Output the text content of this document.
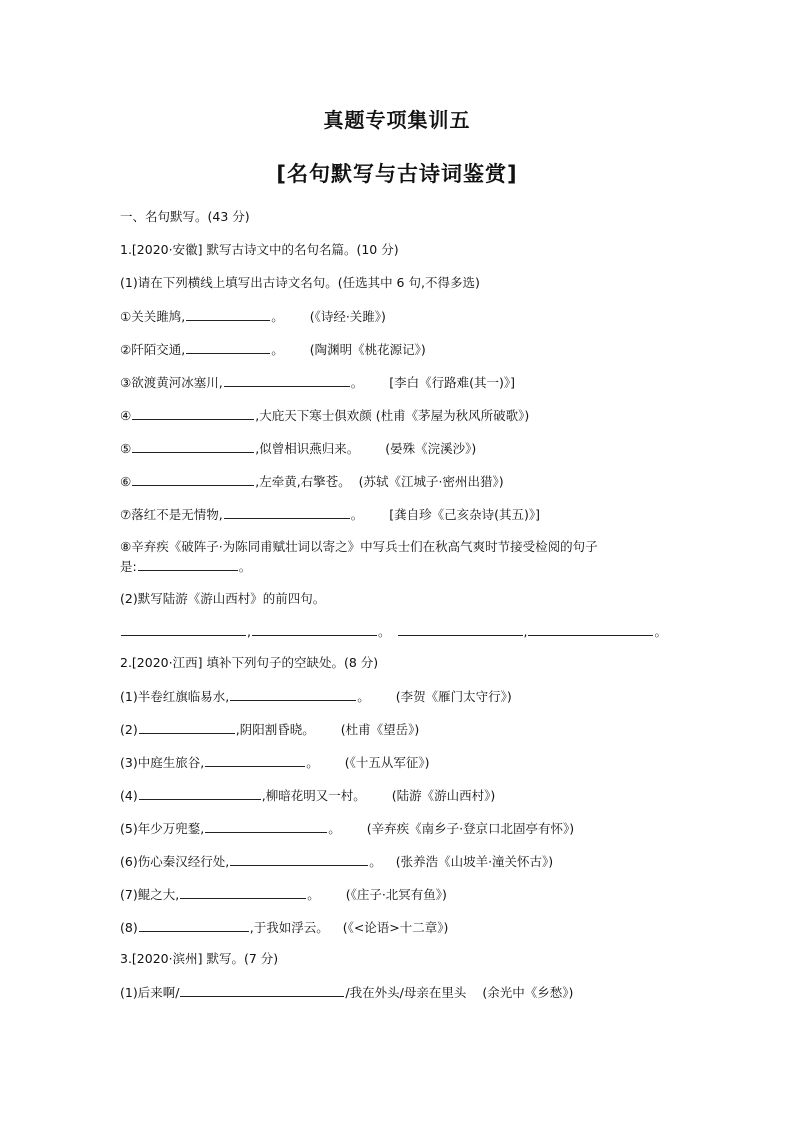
真题专项集训五
[名句默写与古诗词鉴赏]
一、名句默写。(43 分)
1.[2020·安徽] 默写古诗文中的名句名篇。(10 分)
(1)请在下列横线上填写出古诗文名句。(任选其中 6 句,不得多选)
①关关雎鸠,	。 (《诗经·关雎》)
②阡陌交通,	。 (陶渊明《桃花源记》)
③欲渡黄河冰塞川,	。 [李白《行路难(其一)》]
④	,大庇天下寒士俱欢颜 (杜甫《茅屋为秋风所破歌》)
⑤	,似曾相识燕归来。 (晏殊《浣溪沙》)
⑥	,左牵黄,右擎苍。 (苏轼《江城子·密州出猎》)
⑦落红不是无情物,	。 [龚自珍《己亥杂诗(其五)》]
⑧辛弃疾《破阵子·为陈同甫赋壮词以寄之》中写兵士们在秋高气爽时节接受检阅的句子
是:	。
(2)默写陆游《游山西村》的前四句。
,	。	,	。
2.[2020·江西] 填补下列句子的空缺处。(8 分)
(1)半卷红旗临易水,	。 (李贺《雁门太守行》)
(2)	,阴阳割昏晓。 (杜甫《望岳》)
(3)中庭生旅谷,	。 (《十五从军征》)
(4)	,柳暗花明又一村。 (陆游《游山西村》)
(5)年少万兜鍪,	。 (辛弃疾《南乡子·登京口北固亭有怀》)
(6)伤心秦汉经行处,	。 (张养浩《山坡羊·潼关怀古》)
(7)鲲之大,	。 (《庄子·北冥有鱼》)
(8)	,于我如浮云。 (《<论语>十二章》)
3.[2020·滨州] 默写。(7 分)
(1)后来啊/	/我在外头/母亲在里头 (余光中《乡愁》)
